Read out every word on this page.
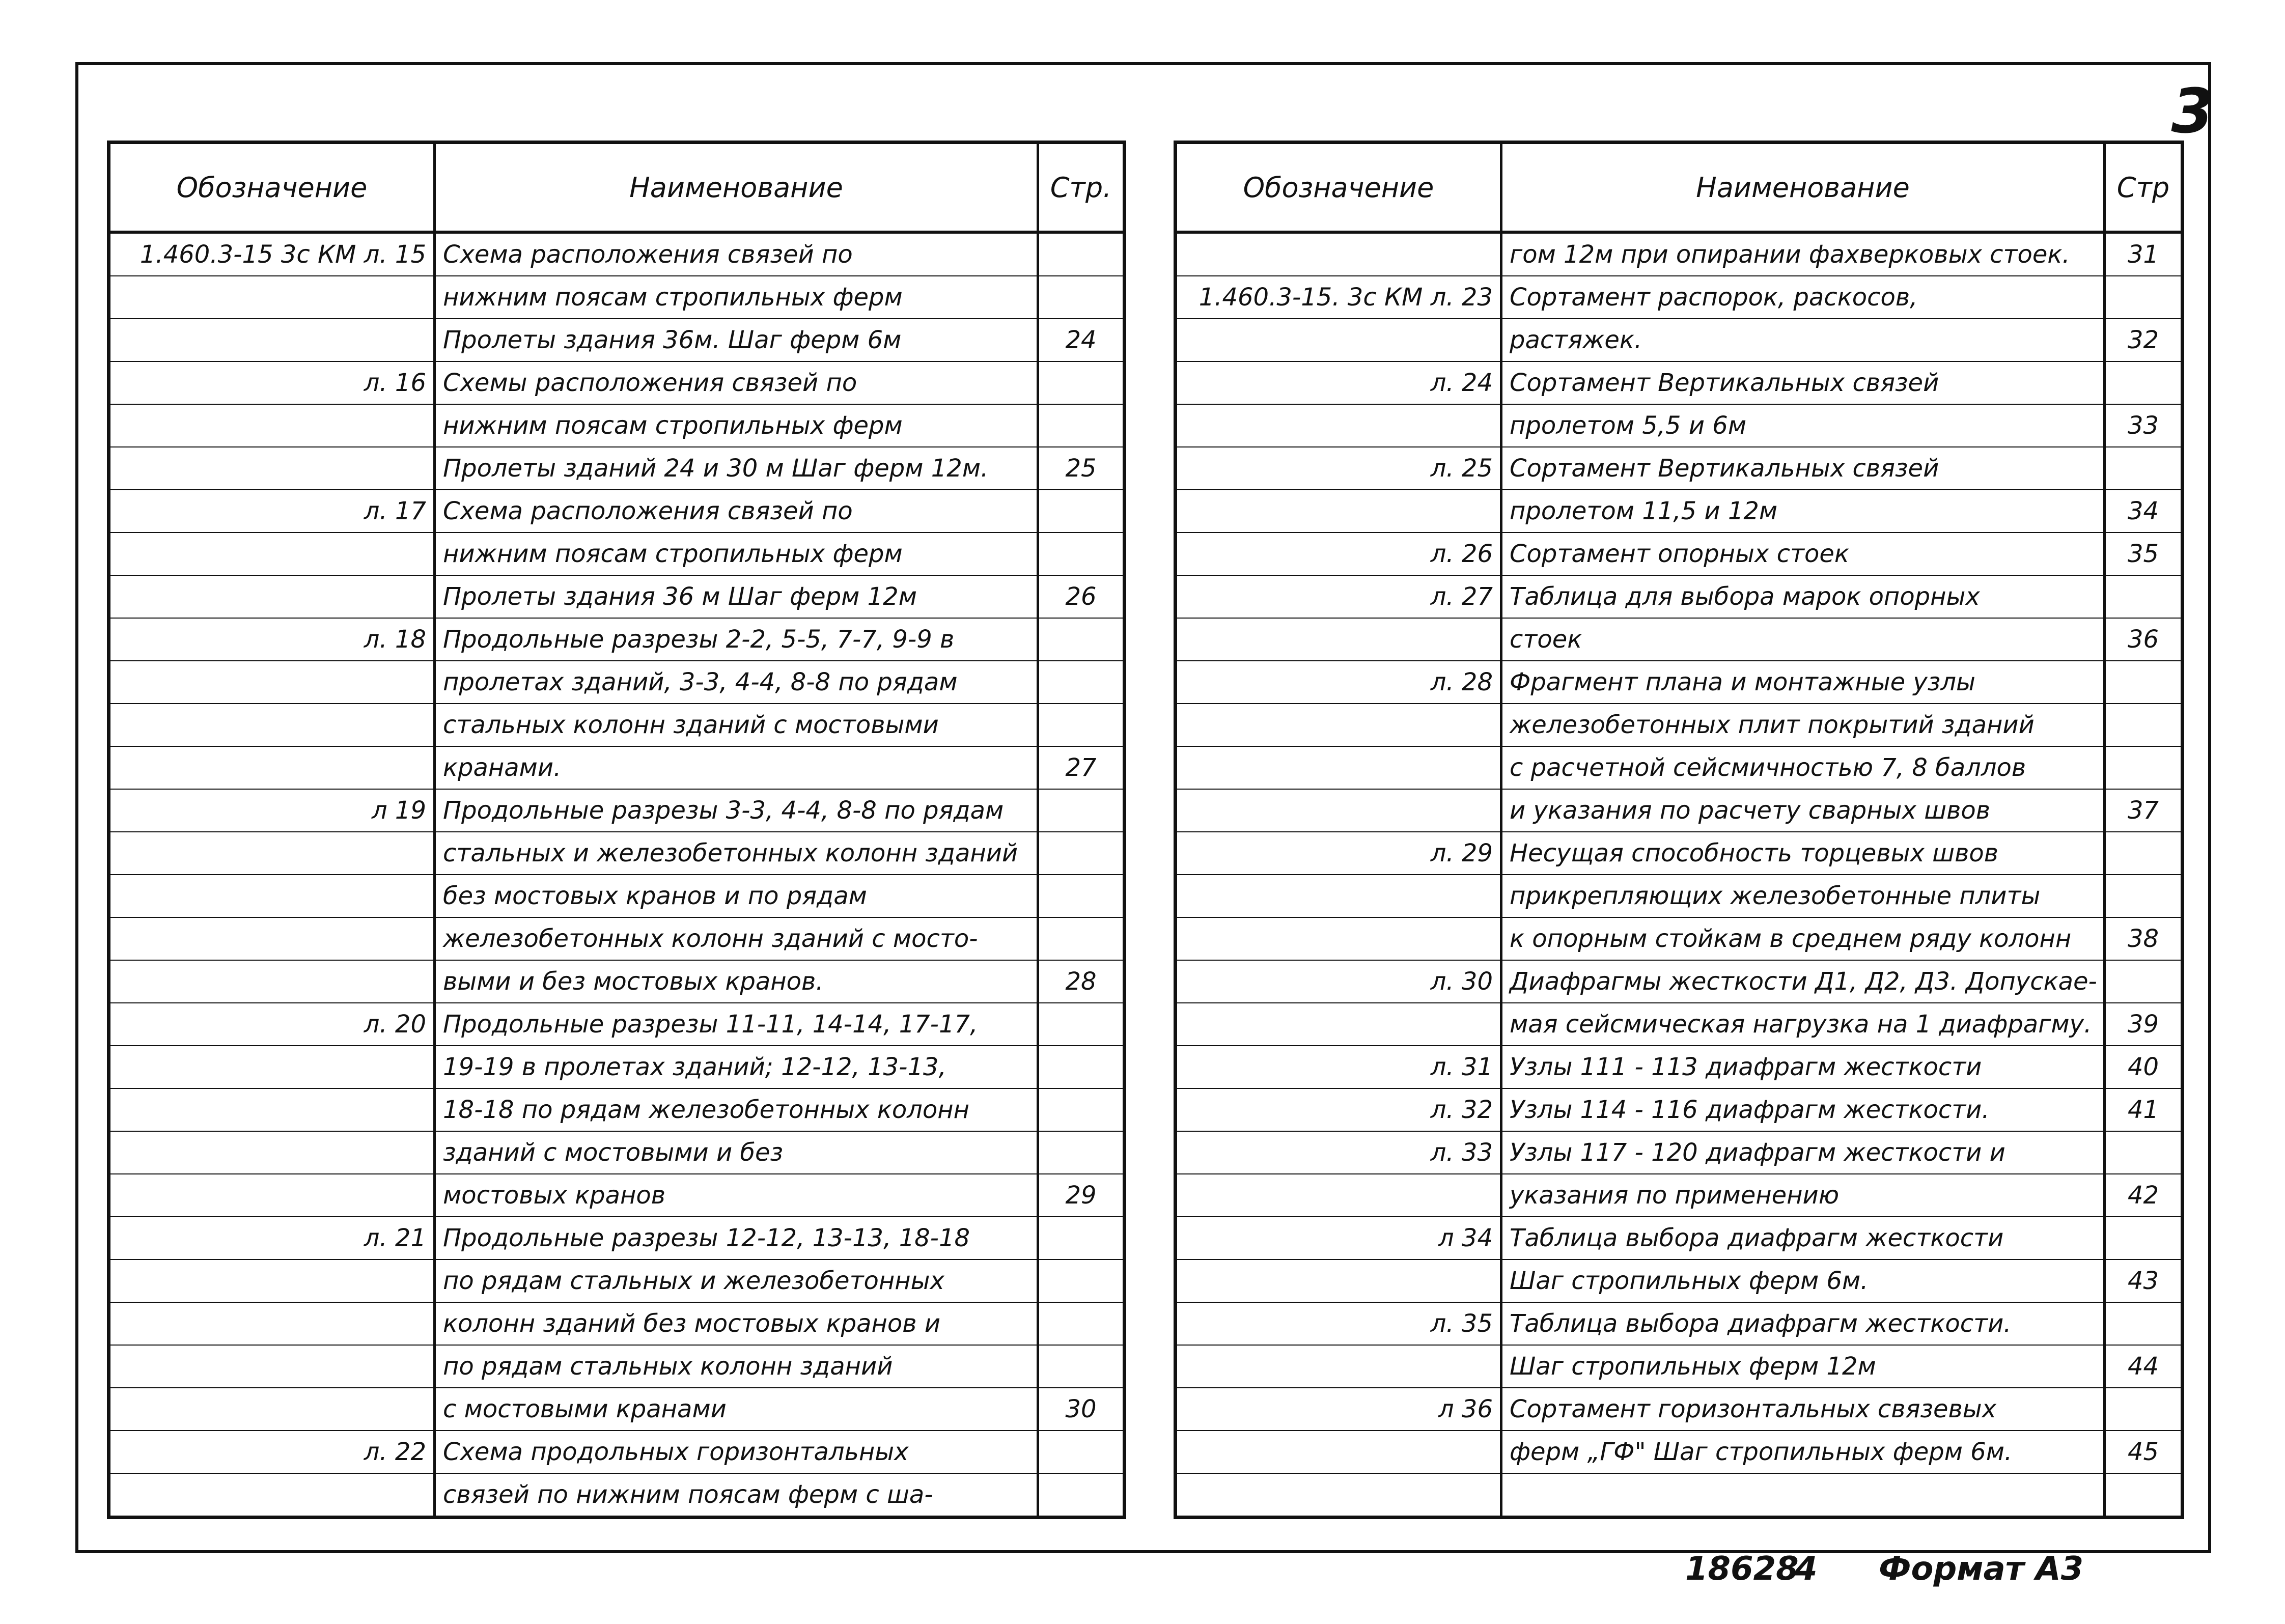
3
Обозначение	Наименование	Стр.
1.460.3-15 3с КМ л. 15	Схема расположения связей по	
	нижним поясам стропильных ферм	
	Пролеты здания 36м. Шаг ферм 6м	24
л. 16	Схемы расположения связей по	
	нижним поясам стропильных ферм	
	Пролеты зданий 24 и 30 м Шаг ферм 12м.	25
л. 17	Схема расположения связей по	
	нижним поясам стропильных ферм	
	Пролеты здания 36 м Шаг ферм 12м	26
л. 18	Продольные разрезы 2-2, 5-5, 7-7, 9-9 в	
	пролетах зданий, 3-3, 4-4, 8-8 по рядам	
	стальных колонн зданий с мостовыми	
	кранами.	27
л 19	Продольные разрезы 3-3, 4-4, 8-8 по рядам	
	стальных и железобетонных колонн зданий	
	без мостовых кранов и по рядам	
	железобетонных колонн зданий с мосто-	
	выми и без мостовых кранов.	28
л. 20	Продольные разрезы 11-11, 14-14, 17-17,	
	19-19 в пролетах зданий; 12-12, 13-13,	
	18-18 по рядам железобетонных колонн	
	зданий с мостовыми и без	
	мостовых кранов	29
л. 21	Продольные разрезы 12-12, 13-13, 18-18	
	по рядам стальных и железобетонных	
	колонн зданий без мостовых кранов и	
	по рядам стальных колонн зданий	
	с мостовыми кранами	30
л. 22	Схема продольных горизонтальных	
	связей по нижним поясам ферм с ша-	
Обозначение	Наименование	Стр
	гом 12м при опирании фахверковых стоек.	31
1.460.3-15. 3с КМ л. 23	Сортамент распорок, раскосов,	
	растяжек.	32
л. 24	Сортамент Вертикальных связей	
	пролетом 5,5 и 6м	33
л. 25	Сортамент Вертикальных связей	
	пролетом 11,5 и 12м	34
л. 26	Сортамент опорных стоек	35
л. 27	Таблица для выбора марок опорных	
	стоек	36
л. 28	Фрагмент плана и монтажные узлы	
	железобетонных плит покрытий зданий	
	с расчетной сейсмичностью 7, 8 баллов	
	и указания по расчету сварных швов	37
л. 29	Несущая способность торцевых швов	
	прикрепляющих железобетонные плиты	
	к опорным стойкам в среднем ряду колонн	38
л. 30	Диафрагмы жесткости Д1, Д2, Д3. Допускае-	
	мая сейсмическая нагрузка на 1 диафрагму.	39
л. 31	Узлы 111 - 113 диафрагм жесткости	40
л. 32	Узлы 114 - 116 диафрагм жесткости.	41
л. 33	Узлы 117 - 120 диафрагм жесткости и	
	указания по применению	42
л 34	Таблица выбора диафрагм жесткости	
	Шаг стропильных ферм 6м.	43
л. 35	Таблица выбора диафрагм жесткости.	
	Шаг стропильных ферм 12м	44
л 36	Сортамент горизонтальных связевых	
	ферм „ГФ" Шаг стропильных ферм 6м.	45

18628
4 Формат А3
